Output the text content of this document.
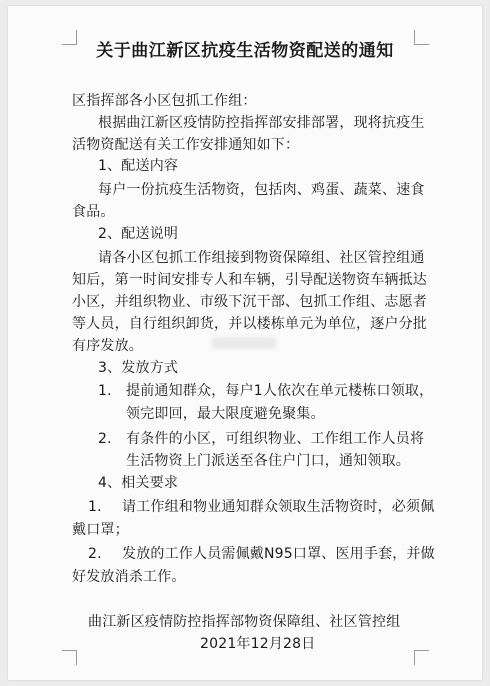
关于曲江新区抗疫生活物资配送的通知
区指挥部各小区包抓工作组：
根据曲江新区疫情防控指挥部安排部署，现将抗疫生
活物资配送有关工作安排通知如下：
1、配送内容
每户一份抗疫生活物资，包括肉、鸡蛋、蔬菜、速食
食品。
2、配送说明
请各小区包抓工作组接到物资保障组、社区管控组通
知后，第一时间安排专人和车辆，引导配送物资车辆抵达
小区，并组织物业、市级下沉干部、包抓工作组、志愿者
等人员，自行组织卸货，并以楼栋单元为单位，逐户分批
有序发放。
3、发放方式
1. 提前通知群众，每户1人依次在单元楼栋口领取，
领完即回，最大限度避免聚集。
2. 有条件的小区，可组织物业、工作组工作人员将
生活物资上门派送至各住户门口，通知领取。
4、相关要求
1. 请工作组和物业通知群众领取生活物资时，必须佩
戴口罩；
2. 发放的工作人员需佩戴N95口罩、医用手套，并做
好发放消杀工作。
曲江新区疫情防控指挥部物资保障组、社区管控组
2021年12月28日
